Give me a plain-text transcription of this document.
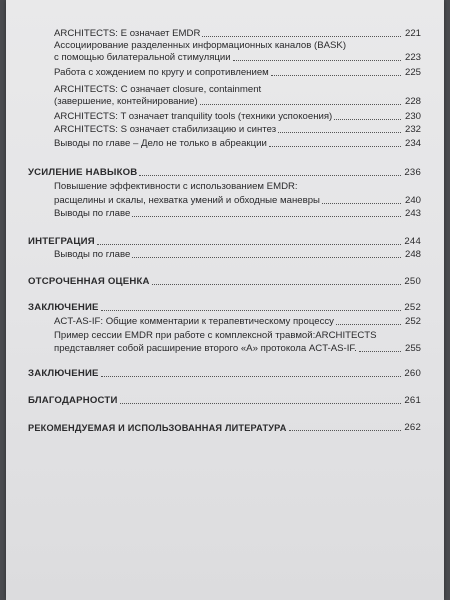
ARCHITECTS: E означает EMDR	221
Ассоциирование разделенных информационных каналов (BASK)
с помощью билатеральной стимуляции	223
Работа с хождением по кругу и сопротивлением	225
ARCHITECTS: C означает closure, containment
(завершение, контейнирование)	228
ARCHITECTS: T означает tranquility tools (техники успокоения)	230
ARCHITECTS: S означает стабилизацию и синтез	232
Выводы по главе – Дело не только в абреакции	234
УСИЛЕНИЕ НАВЫКОВ	236
Повышение эффективности с использованием EMDR:
расщелины и скалы, нехватка умений и обходные маневры	240
Выводы по главе	243
ИНТЕГРАЦИЯ	244
Выводы по главе	248
ОТСРОЧЕННАЯ ОЦЕНКА	250
ЗАКЛЮЧЕНИЕ	252
ACT-AS-IF: Общие комментарии к терапевтическому процессу	252
Пример сессии EMDR при работе с комплексной травмой:ARCHITECTS
представляет собой расширение второго «А» протокола ACT-AS-IF.	255
ЗАКЛЮЧЕНИЕ	260
БЛАГОДАРНОСТИ	261
РЕКОМЕНДУЕМАЯ И ИСПОЛЬЗОВАННАЯ ЛИТЕРАТУРА	262
